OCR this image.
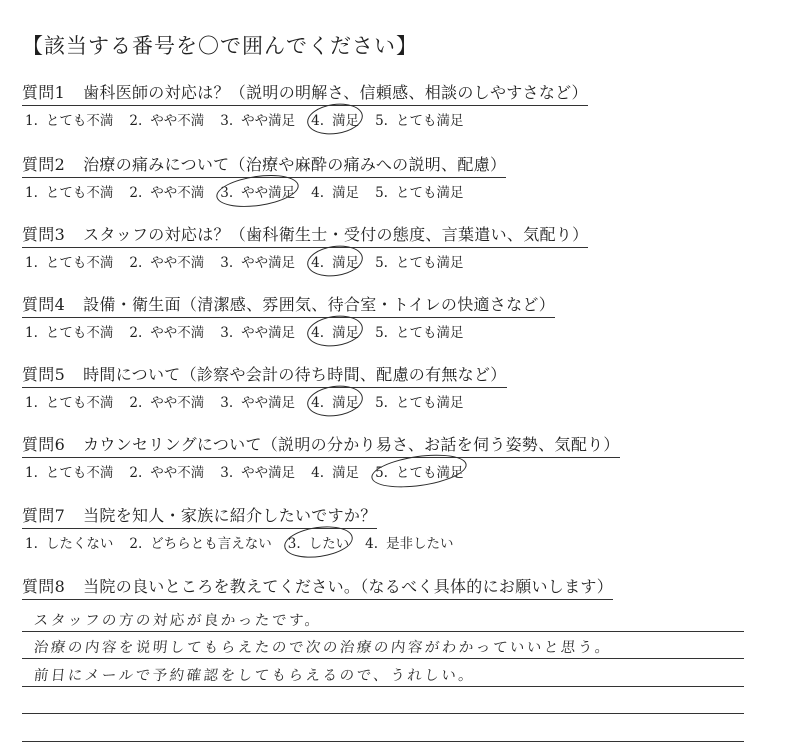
【該当する番号を〇で囲んでください】
質問1 歯科医師の対応は？（説明の明解さ、信頼感、相談のしやすさなど）
1. とても不満 2. やや不満 3. やや満足 4. 満足 5. とても満足
質問2 治療の痛みについて（治療や麻酔の痛みへの説明、配慮）
1. とても不満 2. やや不満 3. やや満足 4. 満足 5. とても満足
質問3 スタッフの対応は？（歯科衛生士・受付の態度、言葉遣い、気配り）
1. とても不満 2. やや不満 3. やや満足 4. 満足 5. とても満足
質問4 設備・衛生面（清潔感、雰囲気、待合室・トイレの快適さなど）
1. とても不満 2. やや不満 3. やや満足 4. 満足 5. とても満足
質問5 時間について（診察や会計の待ち時間、配慮の有無など）
1. とても不満 2. やや不満 3. やや満足 4. 満足 5. とても満足
質問6 カウンセリングについて（説明の分かり易さ、お話を伺う姿勢、気配り）
1. とても不満 2. やや不満 3. やや満足 4. 満足 5. とても満足
質問7 当院を知人・家族に紹介したいですか？
1. したくない 2. どちらとも言えない 3. したい 4. 是非したい
質問8 当院の良いところを教えてください。（なるべく具体的にお願いします）
スタッフの方の対応が良かったです。
治療の内容を说明してもらえたので次の治療の内容がわかっていいと思う。
前日にメールで予約確認をしてもらえるので、うれしい。
